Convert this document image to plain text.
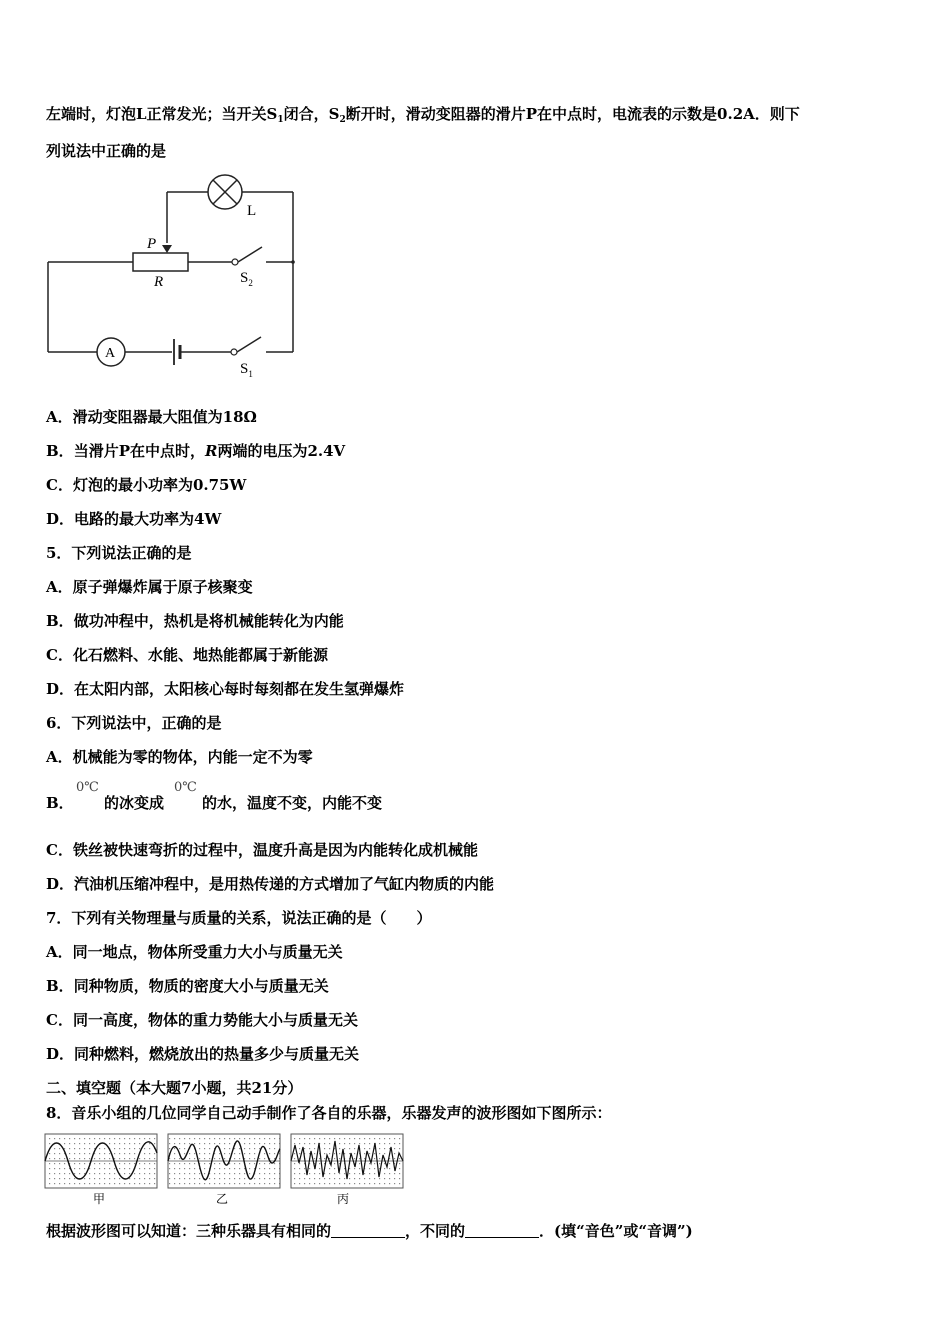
左端时，灯泡L正常发光；当开关$S_1$闭合，$S_2$断开时，滑动变阻器的滑片P在中点时，电流表的示数是0.2A．则下
列说法中正确的是
L
P
R	$S_2$
A
$S_1$
A．滑动变阻器最大阻值为18Ω
B．当滑片P在中点时，R两端的电压为2.4V
C．灯泡的最小功率为0.75W
D．电路的最大功率为4W
5．下列说法正确的是
A．原子弹爆炸属于原子核聚变
B．做功冲程中，热机是将机械能转化为内能
C．化石燃料、水能、地热能都属于新能源
D．在太阳内部，太阳核心每时每刻都在发生氢弹爆炸
6．下列说法中，正确的是
A．机械能为零的物体，内能一定不为零
0℃	0℃
B． 的冰变成	的水，温度不变，内能不变
C．铁丝被快速弯折的过程中，温度升高是因为内能转化成机械能
D．汽油机压缩冲程中，是用热传递的方式增加了气缸内物质的内能
7．下列有关物理量与质量的关系，说法正确的是（　　）
A．同一地点，物体所受重力大小与质量无关
B．同种物质，物质的密度大小与质量无关
C．同一高度，物体的重力势能大小与质量无关
D．同种燃料，燃烧放出的热量多少与质量无关
二、填空题（本大题7小题，共21分）
8．音乐小组的几位同学自己动手制作了各自的乐器，乐器发声的波形图如下图所示：
甲	乙	丙
根据波形图可以知道：三种乐器具有相同的	，不同的	．(填“音色”或“音调”)
